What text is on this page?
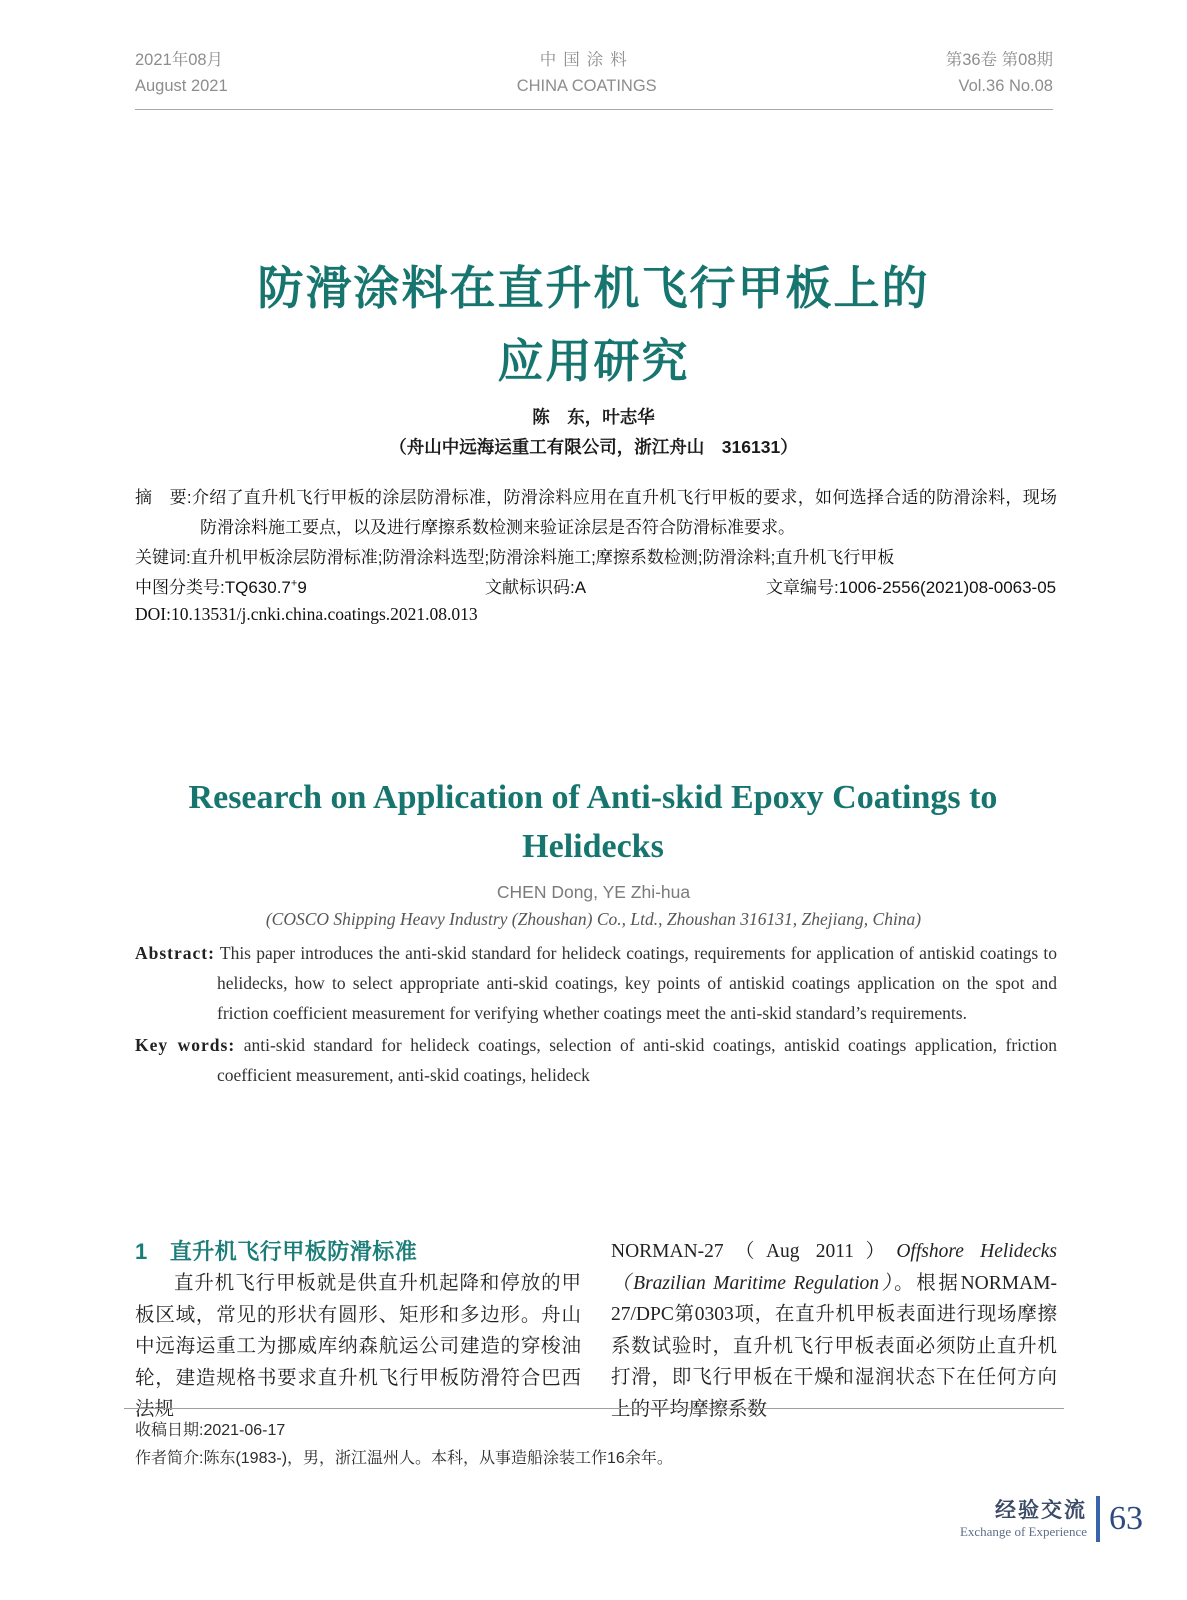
2021年08月
August 2021
中国涂料
CHINA COATINGS
第36卷 第08期
Vol.36 No.08
防滑涂料在直升机飞行甲板上的
应用研究
陈　东，叶志华
（舟山中远海运重工有限公司，浙江舟山　316131）
摘　要:介绍了直升机飞行甲板的涂层防滑标准，防滑涂料应用在直升机飞行甲板的要求，如何选择合适的防滑涂料，现场防滑涂料施工要点，以及进行摩擦系数检测来验证涂层是否符合防滑标准要求。
关键词:直升机甲板涂层防滑标准;防滑涂料选型;防滑涂料施工;摩擦系数检测;防滑涂料;直升机飞行甲板
中图分类号:TQ630.7+9	文献标识码:A	文章编号:1006-2556(2021)08-0063-05
DOI:10.13531/j.cnki.china.coatings.2021.08.013
Research on Application of Anti-skid Epoxy Coatings to Helidecks
CHEN Dong, YE Zhi-hua
(COSCO Shipping Heavy Industry (Zhoushan) Co., Ltd., Zhoushan 316131, Zhejiang, China)
Abstract: This paper introduces the anti-skid standard for helideck coatings, requirements for application of antiskid coatings to helidecks, how to select appropriate anti-skid coatings, key points of antiskid coatings application on the spot and friction coefficient measurement for verifying whether coatings meet the anti-skid standard’s requirements.
Key words: anti-skid standard for helideck coatings, selection of anti-skid coatings, antiskid coatings application, friction coefficient measurement, anti-skid coatings, helideck
1 直升机飞行甲板防滑标准
直升机飞行甲板就是供直升机起降和停放的甲板区域，常见的形状有圆形、矩形和多边形。舟山中远海运重工为挪威库纳森航运公司建造的穿梭油轮，建造规格书要求直升机飞行甲板防滑符合巴西法规
NORMAN-27（Aug 2011）Offshore Helidecks（Brazilian Maritime Regulation）。根据NORMAM-27/DPC第0303项，在直升机甲板表面进行现场摩擦系数试验时，直升机飞行甲板表面必须防止直升机打滑，即飞行甲板在干燥和湿润状态下在任何方向上的平均摩擦系数
收稿日期:2021-06-17
作者简介:陈东(1983-)，男，浙江温州人。本科，从事造船涂装工作16余年。
经验交流
Exchange of Experience 63
